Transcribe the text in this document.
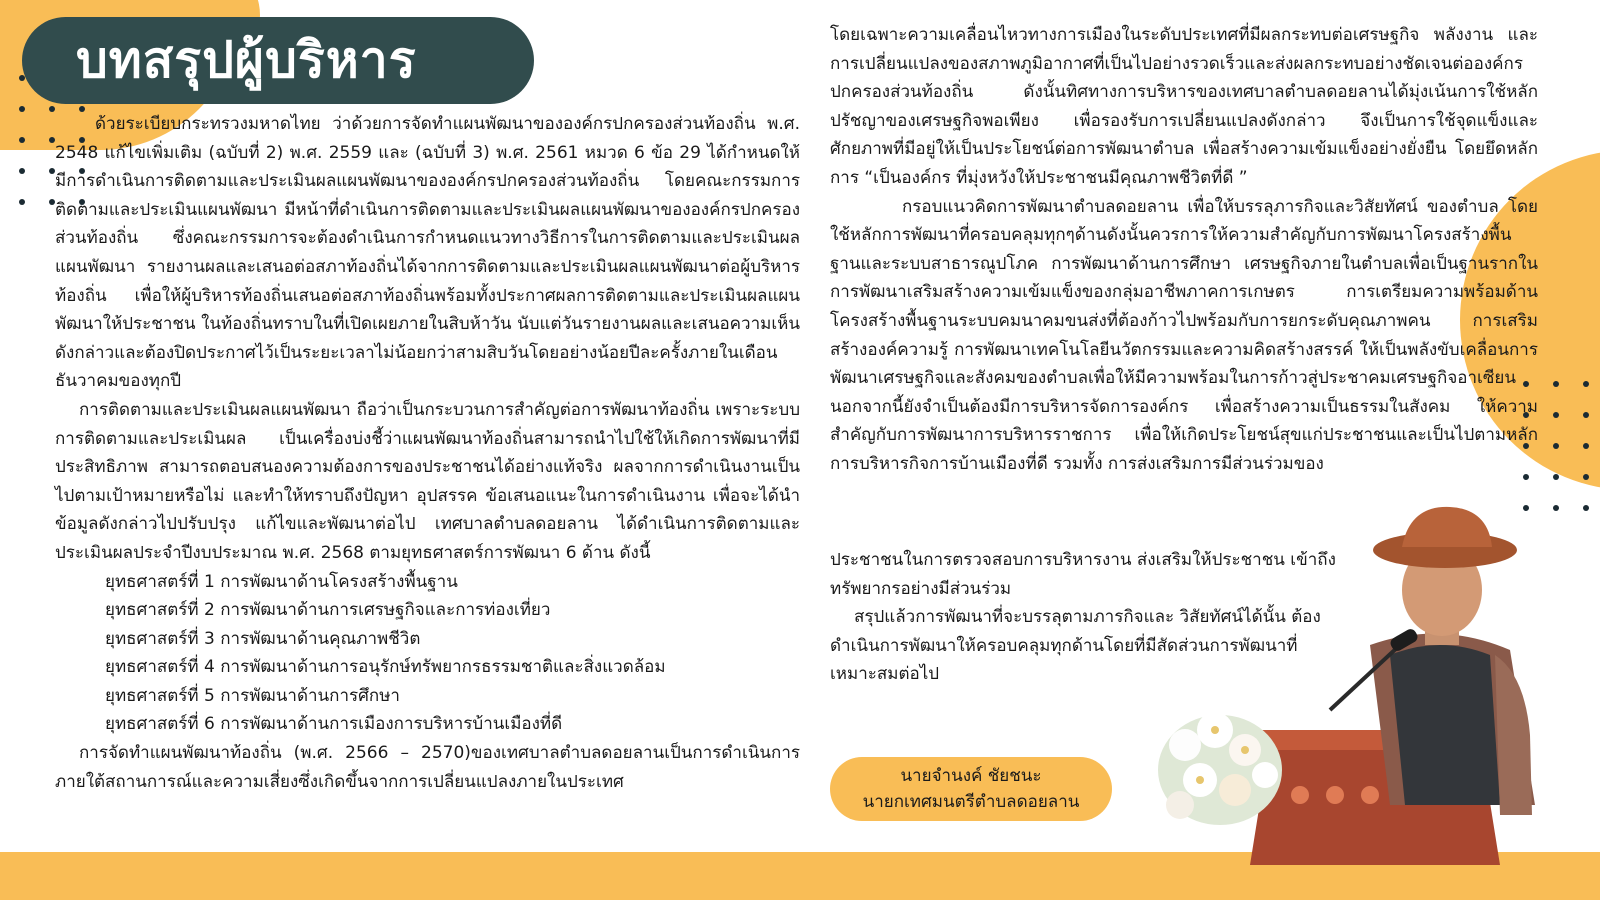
บทสรุปผู้บริหาร

ด้วยระเบียบกระทรวงมหาดไทย ว่าด้วยการจัดทำแผนพัฒนาขององค์กรปกครองส่วนท้องถิ่น พ.ศ. 2548 แก้ไขเพิ่มเติม (ฉบับที่ 2) พ.ศ. 2559 และ (ฉบับที่ 3) พ.ศ. 2561 หมวด 6 ข้อ 29 ได้กำหนดให้ มีการดำเนินการติดตามและประเมินผลแผนพัฒนาขององค์กรปกครองส่วนท้องถิ่น โดยคณะกรรมการติดตามและประเมินแผนพัฒนา มีหน้าที่ดำเนินการติดตามและประเมินผลแผนพัฒนาขององค์กรปกครองส่วนท้องถิ่น ซึ่งคณะกรรมการจะต้องดำเนินการกำหนดแนวทางวิธีการในการติดตามและประเมินผลแผนพัฒนา รายงานผลและเสนอต่อสภาท้องถิ่นได้จากการติดตามและประเมินผลแผนพัฒนาต่อผู้บริหารท้องถิ่น เพื่อให้ผู้บริหารท้องถิ่นเสนอต่อสภาท้องถิ่นพร้อมทั้งประกาศผลการติดตามและประเมินผลแผนพัฒนาให้ประชาชน ในท้องถิ่นทราบในที่เปิดเผยภายในสิบห้าวัน นับแต่วันรายงานผลและเสนอความเห็นดังกล่าวและต้องปิดประกาศไว้เป็นระยะเวลาไม่น้อยกว่าสามสิบวันโดยอย่างน้อยปีละครั้งภายในเดือนธันวาคมของทุกปี

การติดตามและประเมินผลแผนพัฒนา ถือว่าเป็นกระบวนการสำคัญต่อการพัฒนาท้องถิ่น เพราะระบบการติดตามและประเมินผล เป็นเครื่องบ่งชี้ว่าแผนพัฒนาท้องถิ่นสามารถนำไปใช้ให้เกิดการพัฒนาที่มีประสิทธิภาพ สามารถตอบสนองความต้องการของประชาชนได้อย่างแท้จริง ผลจากการดำเนินงานเป็นไปตามเป้าหมายหรือไม่ และทำให้ทราบถึงปัญหา อุปสรรค ข้อเสนอแนะในการดำเนินงาน เพื่อจะได้นำข้อมูลดังกล่าวไปปรับปรุง แก้ไขและพัฒนาต่อไป เทศบาลตำบลดอยลาน ได้ดำเนินการติดตามและประเมินผลประจำปีงบประมาณ พ.ศ. 2568 ตามยุทธศาสตร์การพัฒนา 6 ด้าน ดังนี้

ยุทธศาสตร์ที่ 1 การพัฒนาด้านโครงสร้างพื้นฐาน

ยุทธศาสตร์ที่ 2 การพัฒนาด้านการเศรษฐกิจและการท่องเที่ยว

ยุทธศาสตร์ที่ 3 การพัฒนาด้านคุณภาพชีวิต

ยุทธศาสตร์ที่ 4 การพัฒนาด้านการอนุรักษ์ทรัพยากรธรรมชาติและสิ่งแวดล้อม

ยุทธศาสตร์ที่ 5 การพัฒนาด้านการศึกษา

ยุทธศาสตร์ที่ 6 การพัฒนาด้านการเมืองการบริหารบ้านเมืองที่ดี

การจัดทำแผนพัฒนาท้องถิ่น (พ.ศ. 2566 – 2570)ของเทศบาลตำบลดอยลานเป็นการดำเนินการภายใต้สถานการณ์และความเสี่ยงซึ่งเกิดขึ้นจากการเปลี่ยนแปลงภายในประเทศ

โดยเฉพาะความเคลื่อนไหวทางการเมืองในระดับประเทศที่มีผลกระทบต่อเศรษฐกิจ พลังงาน และการเปลี่ยนแปลงของสภาพภูมิอากาศที่เป็นไปอย่างรวดเร็วและส่งผลกระทบอย่างชัดเจนต่อองค์กรปกครองส่วนท้องถิ่น ดังนั้นทิศทางการบริหารของเทศบาลตำบลดอยลานได้มุ่งเน้นการใช้หลักปรัชญาของเศรษฐกิจพอเพียง เพื่อรองรับการเปลี่ยนแปลงดังกล่าว จึงเป็นการใช้จุดแข็งและศักยภาพที่มีอยู่ให้เป็นประโยชน์ต่อการพัฒนาตำบล เพื่อสร้างความเข้มแข็งอย่างยั่งยืน โดยยึดหลักการ “เป็นองค์กร ที่มุ่งหวังให้ประชาชนมีคุณภาพชีวิตที่ดี ”

กรอบแนวคิดการพัฒนาตำบลดอยลาน เพื่อให้บรรลุภารกิจและวิสัยทัศน์ ของตำบล โดยใช้หลักการพัฒนาที่ครอบคลุมทุกๆด้านดังนั้นควรการให้ความสำคัญกับการพัฒนาโครงสร้างพื้นฐานและระบบสาธารณูปโภค การพัฒนาด้านการศึกษา เศรษฐกิจภายในตำบลเพื่อเป็นฐานรากในการพัฒนาเสริมสร้างความเข้มแข็งของกลุ่มอาชีพภาคการเกษตร การเตรียมความพร้อมด้านโครงสร้างพื้นฐานระบบคมนาคมขนส่งที่ต้องก้าวไปพร้อมกับการยกระดับคุณภาพคน การเสริมสร้างองค์ความรู้ การพัฒนาเทคโนโลยีนวัตกรรมและความคิดสร้างสรรค์ ให้เป็นพลังขับเคลื่อนการพัฒนาเศรษฐกิจและสังคมของตำบลเพื่อให้มีความพร้อมในการก้าวสู่ประชาคมเศรษฐกิจอาเซียน นอกจากนี้ยังจำเป็นต้องมีการบริหารจัดการองค์กร เพื่อสร้างความเป็นธรรมในสังคม ให้ความสำคัญกับการพัฒนาการบริหารราชการ เพื่อให้เกิดประโยชน์สุขแก่ประชาชนและเป็นไปตามหลักการบริหารกิจการบ้านเมืองที่ดี รวมทั้ง การส่งเสริมการมีส่วนร่วมของ

ประชาชนในการตรวจสอบการบริหารงาน ส่งเสริมให้ประชาชน เข้าถึงทรัพยากรอย่างมีส่วนร่วม

สรุปแล้วการพัฒนาที่จะบรรลุตามภารกิจและ วิสัยทัศน์ได้นั้น ต้องดำเนินการพัฒนาให้ครอบคลุมทุกด้านโดยที่มีสัดส่วนการพัฒนาที่เหมาะสมต่อไป

นายจำนงค์ ชัยชนะ
นายกเทศมนตรีตำบลดอยลาน
